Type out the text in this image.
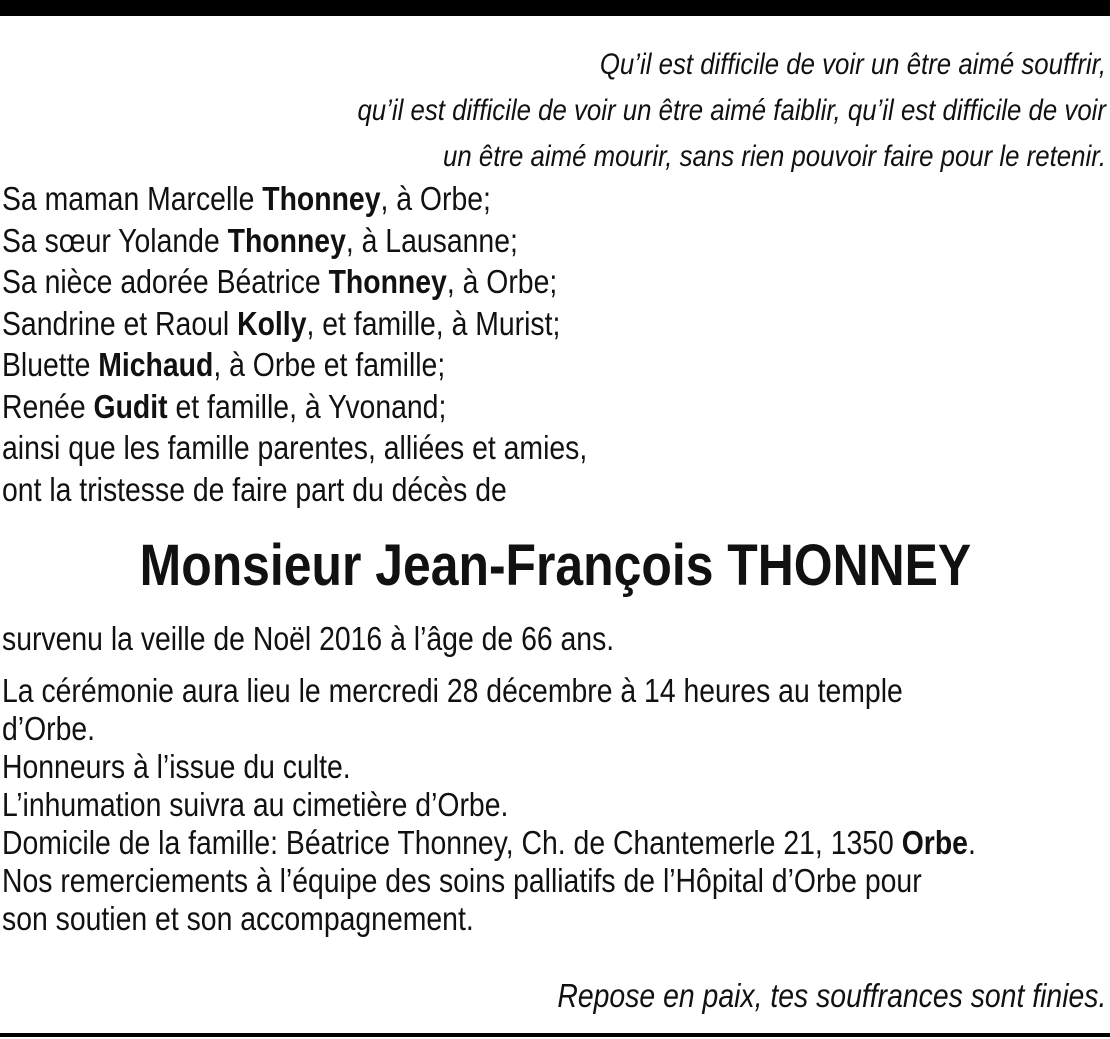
Qu’il est difficile de voir un être aimé souffrir,
qu’il est difficile de voir un être aimé faiblir, qu’il est difficile de voir
un être aimé mourir, sans rien pouvoir faire pour le retenir.
Sa maman Marcelle Thonney, à Orbe;
Sa sœur Yolande Thonney, à Lausanne;
Sa nièce adorée Béatrice Thonney, à Orbe;
Sandrine et Raoul Kolly, et famille, à Murist;
Bluette Michaud, à Orbe et famille;
Renée Gudit et famille, à Yvonand;
ainsi que les famille parentes, alliées et amies,
ont la tristesse de faire part du décès de
Monsieur Jean-François THONNEY
survenu la veille de Noël 2016 à l’âge de 66 ans.
La cérémonie aura lieu le mercredi 28 décembre à 14 heures au temple
d’Orbe.
Honneurs à l’issue du culte.
L’inhumation suivra au cimetière d’Orbe.
Domicile de la famille: Béatrice Thonney, Ch. de Chantemerle 21, 1350 Orbe.
Nos remerciements à l’équipe des soins palliatifs de l’Hôpital d’Orbe pour
son soutien et son accompagnement.
Repose en paix, tes souffrances sont finies.
